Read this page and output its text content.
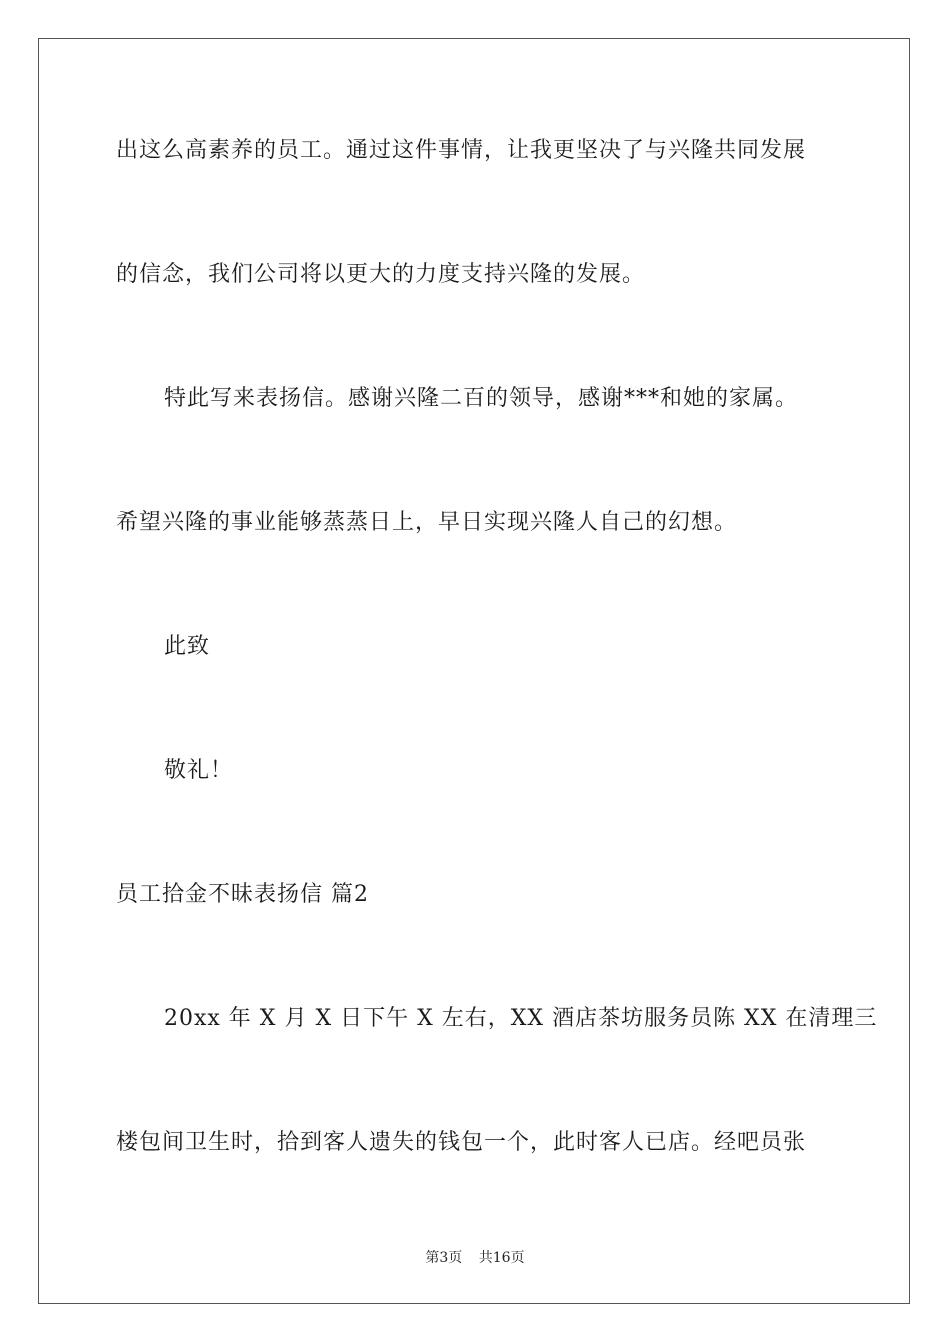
出这么高素养的员工。通过这件事情，让我更坚决了与兴隆共同发展
的信念，我们公司将以更大的力度支持兴隆的发展。
特此写来表扬信。感谢兴隆二百的领导，感谢***和她的家属。
希望兴隆的事业能够蒸蒸日上，早日实现兴隆人自己的幻想。
此致
敬礼！
员工拾金不昧表扬信 篇2
20xx 年 X 月 X 日下午 X 左右，XX 酒店茶坊服务员陈 XX 在清理三
楼包间卫生时，拾到客人遗失的钱包一个，此时客人已店。经吧员张
第3页 共16页
